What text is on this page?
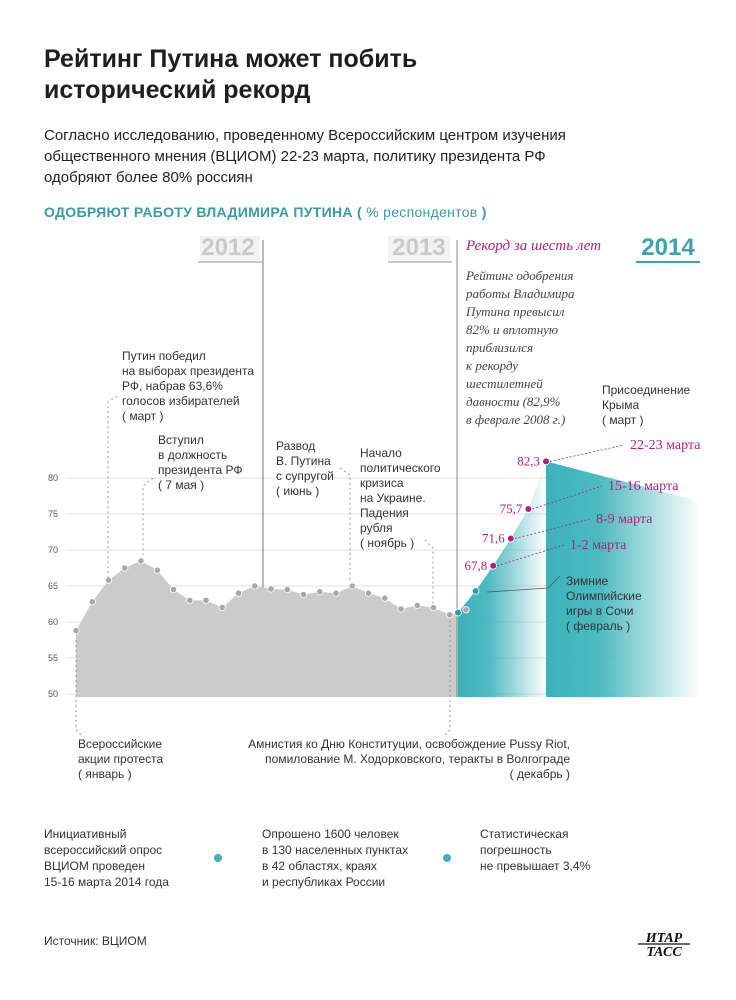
Рейтинг Путина может побить
исторический рекорд
Согласно исследованию, проведенному Всероссийским центром изучения
общественного мнения (ВЦИОМ) 22-23 марта, политику президента РФ
одобряют более 80% россиян
ОДОБРЯЮТ РАБОТУ ВЛАДИМИРА ПУТИНА ( % респондентов )
50
55
60
65
70
75
80
2012	2013	2014
Рекорд за шесть лет
Путин победил
на выборах президента
РФ, набрав 63,6%
голосов избирателей
( март )
Вступил
в должность
президента РФ
( 7 мая )
Развод
В. Путина
с супругой
( июнь )
Начало
политического
кризиса
на Украине.
Падения
рубля
( ноябрь )
Всероссийские
акции протеста
( январь )
Амнистия ко Дню Конституции, освобождение Pussy Riot,
помилование М. Ходорковского, теракты в Волгограде
( декабрь )
Присоединение
Крыма
( март )
Зимние
Олимпийские
игры в Сочи
( февраль )
Рейтинг одобрения
работы Владимира
Путина превысил
82% и вплотную
приблизился
к рекорду
шестилетней
давности (82,9%
в феврале 2008 г.)
67,8
1-2 марта
71,6
8-9 марта
75,7
15-16 марта
82,3
22-23 марта
Инициативный
всероссийский опрос
ВЦИОМ проведен
15-16 марта 2014 года
Опрошено 1600 человек
в 130 населенных пунктах
в 42 областях, краях
и республиках России
Статистическая
погрешность
не превышает 3,4%
Источник: ВЦИОМ	ИТАР
ТАСС
